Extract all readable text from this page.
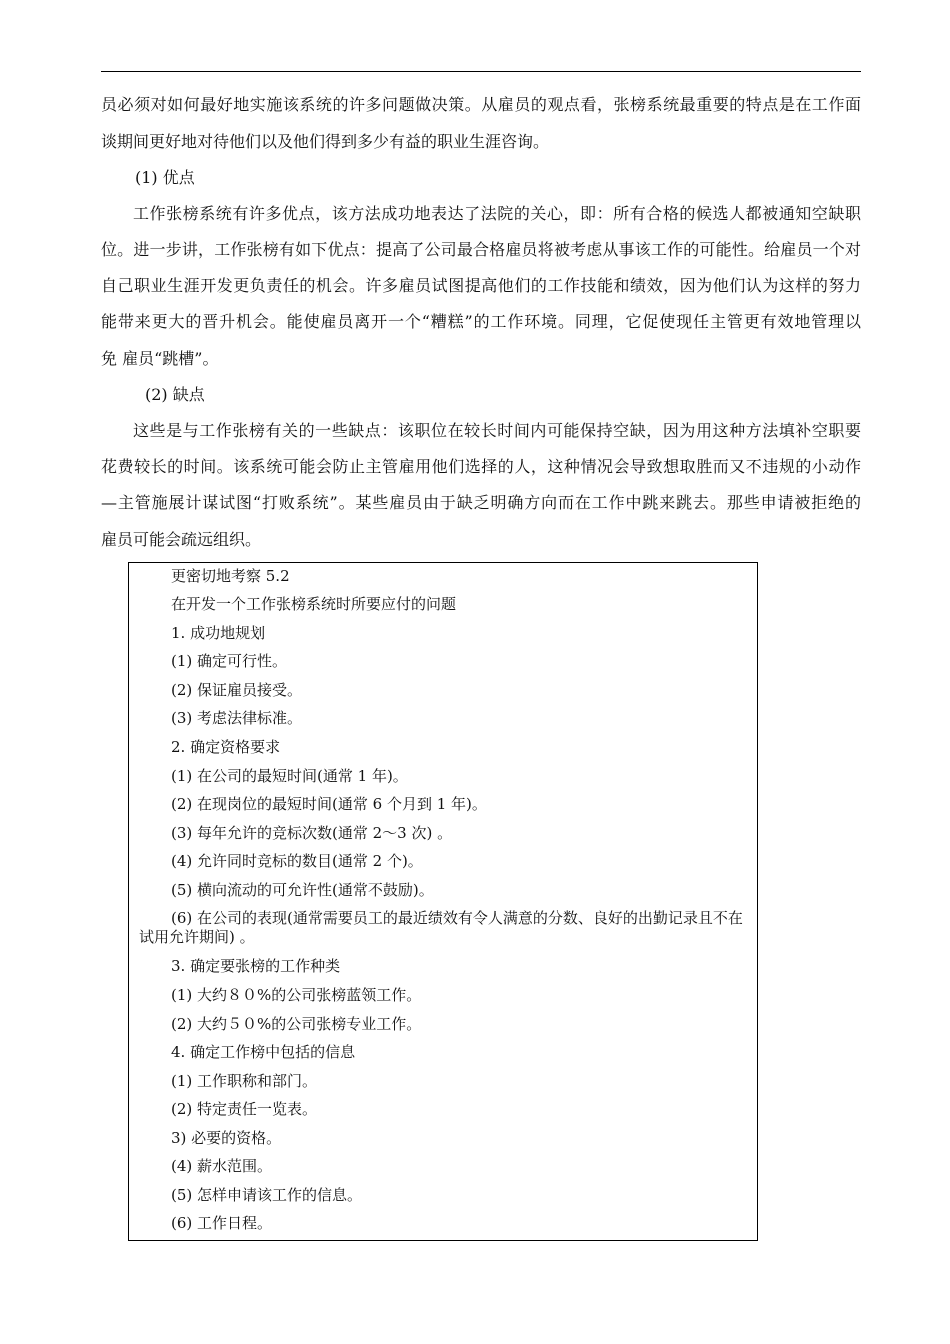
员必须对如何最好地实施该系统的许多问题做决策。从雇员的观点看，张榜系统最重要的特点是在工作面
谈期间更好地对待他们以及他们得到多少有益的职业生涯咨询。
(1) 优点
工作张榜系统有许多优点，该方法成功地表达了法院的关心，即：所有合格的候选人都被通知空缺职
位。进一步讲，工作张榜有如下优点：提高了公司最合格雇员将被考虑从事该工作的可能性。给雇员一个对
自己职业生涯开发更负责任的机会。许多雇员试图提高他们的工作技能和绩效，因为他们认为这样的努力
能带来更大的晋升机会。能使雇员离开一个“糟糕”的工作环境。同理，它促使现任主管更有效地管理以
免 雇员“跳槽”。
(2) 缺点
这些是与工作张榜有关的一些缺点：该职位在较长时间内可能保持空缺，因为用这种方法填补空职要
花费较长的时间。该系统可能会防止主管雇用他们选择的人，这种情况会导致想取胜而又不违规的小动作
—主管施展计谋试图“打败系统”。某些雇员由于缺乏明确方向而在工作中跳来跳去。那些申请被拒绝的
雇员可能会疏远组织。
更密切地考察 5.2
在开发一个工作张榜系统时所要应付的问题
1. 成功地规划
(1) 确定可行性。
(2) 保证雇员接受。
(3) 考虑法律标准。
2. 确定资格要求
(1) 在公司的最短时间(通常 1 年)。
(2) 在现岗位的最短时间(通常 6 个月到 1 年)。
(3) 每年允许的竞标次数(通常 2～3 次) 。
(4) 允许同时竞标的数目(通常 2 个)。
(5) 横向流动的可允许性(通常不鼓励)。
(6) 在公司的表现(通常需要员工的最近绩效有令人满意的分数、良好的出勤记录且不在试用允许期间) 。
3. 确定要张榜的工作种类
(1) 大约８０%的公司张榜蓝领工作。
(2) 大约５０%的公司张榜专业工作。
4. 确定工作榜中包括的信息
(1) 工作职称和部门。
(2) 特定责任一览表。
3) 必要的资格。
(4) 薪水范围。
(5) 怎样申请该工作的信息。
(6) 工作日程。
